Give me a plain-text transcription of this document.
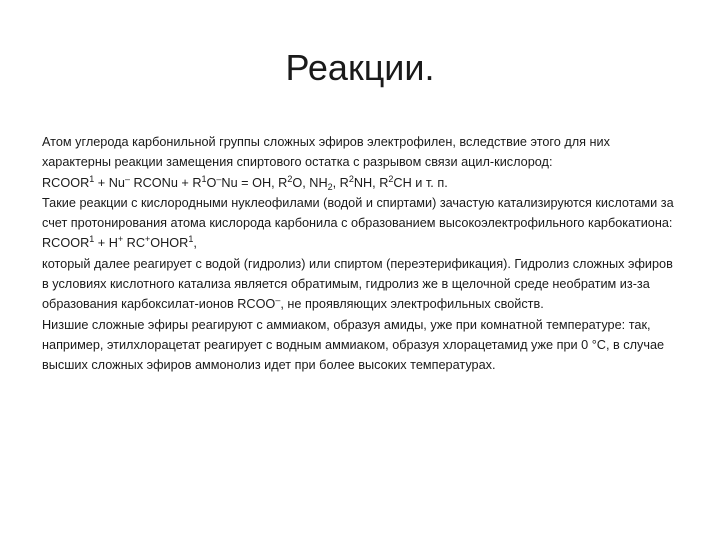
Реакции.

Атом углерода карбонильной группы сложных эфиров электрофилен, вследствие этого для них характерны реакции замещения спиртового остатка с разрывом связи ацил-кислород:

$RCOOR^1 + Nu^-$ RCONu + $R^1O^-Nu$ = OH, $R^2O$, $NH_2$, $R^2NH$, $R^2CH$ и т. п.

Такие реакции с кислородными нуклеофилами (водой и спиртами) зачастую катализируются кислотами за счет протонирования атома кислорода карбонила с образованием высокоэлектрофильного карбокатиона:

$RCOOR^1 + H^+$ RC+OHOR$^1$,

который далее реагирует с водой (гидролиз) или спиртом (переэтерификация). Гидролиз сложных эфиров в условиях кислотного катализа является обратимым, гидролиз же в щелочной среде необратим из-за образования карбоксилат-ионов RCOO–, не проявляющих электрофильных свойств.

Низшие сложные эфиры реагируют с аммиаком, образуя амиды, уже при комнатной температуре: так, например, этилхлорацетат реагирует с водным аммиаком, образуя хлорацетамид уже при 0 °С, в случае высших сложных эфиров аммонолиз идет при более высоких температурах.
